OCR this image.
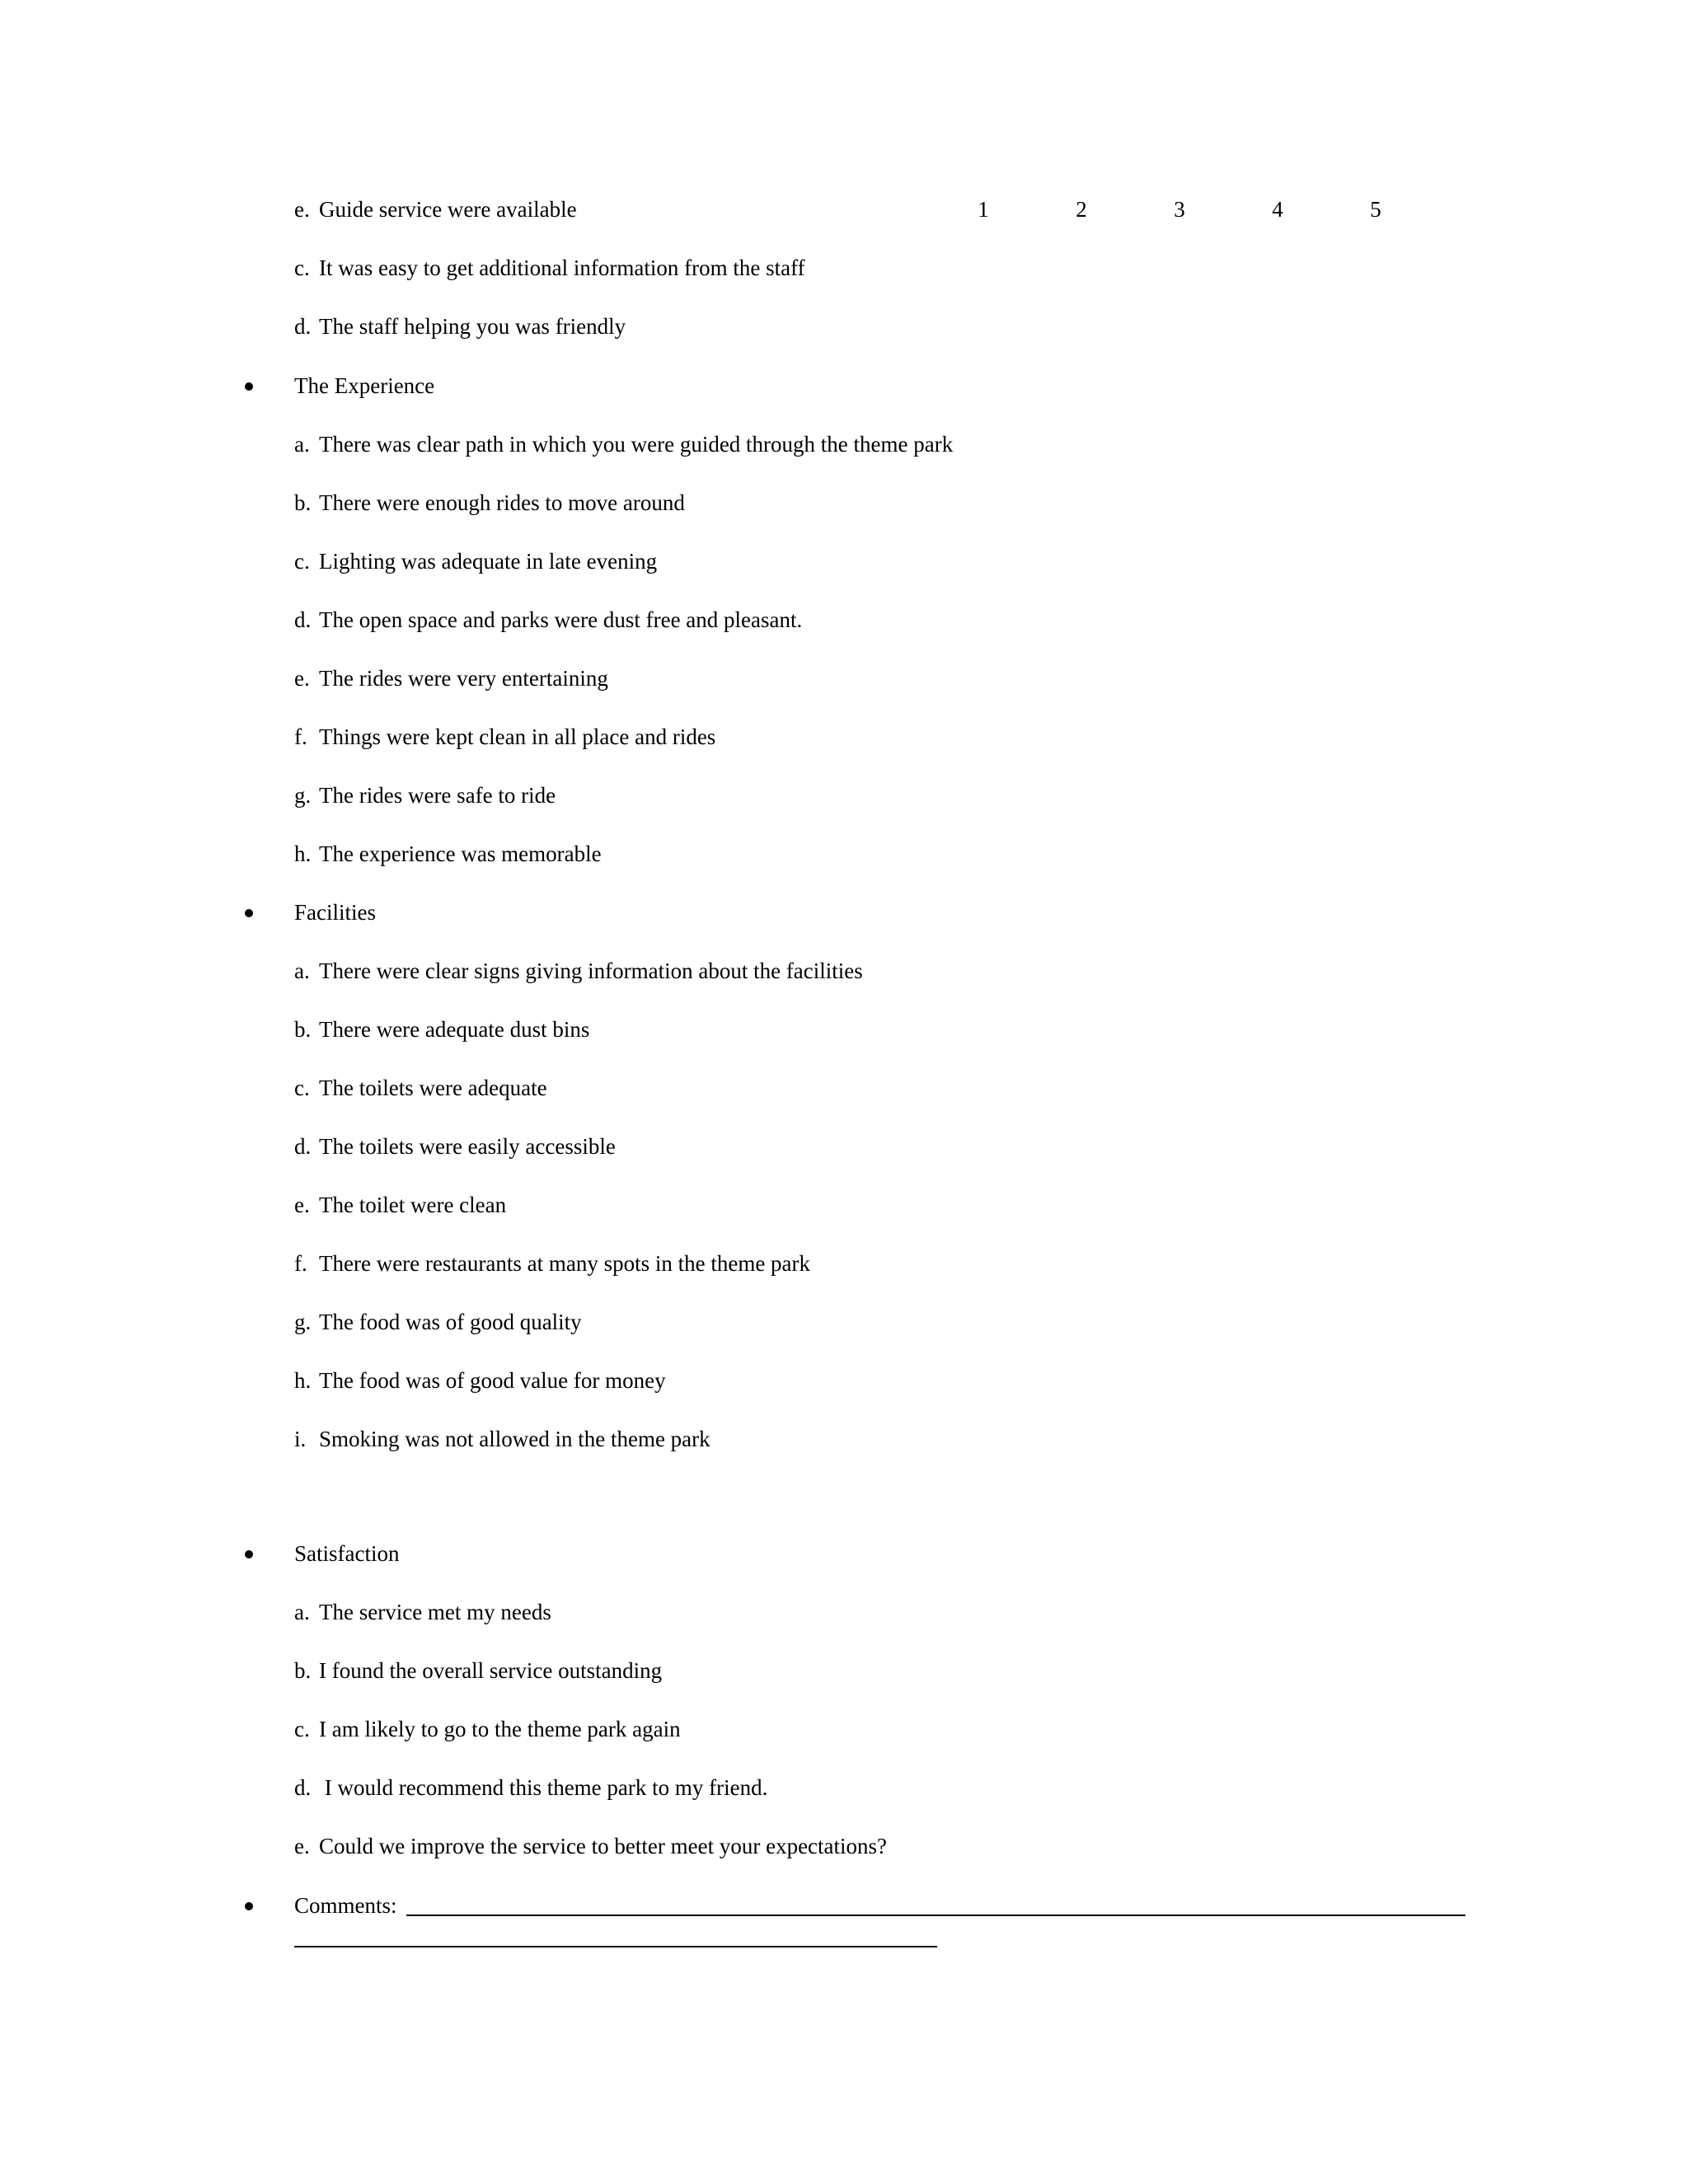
1	2	3	4	5
e. Guide service were available
c. It was easy to get additional information from the staff
d. The staff helping you was friendly
The Experience
a. There was clear path in which you were guided through the theme park
b. There were enough rides to move around
c. Lighting was adequate in late evening
d. The open space and parks were dust free and pleasant.
e. The rides were very entertaining
f. Things were kept clean in all place and rides
g. The rides were safe to ride
h. The experience was memorable
Facilities
a. There were clear signs giving information about the facilities
b. There were adequate dust bins
c. The toilets were adequate
d. The toilets were easily accessible
e. The toilet were clean
f. There were restaurants at many spots in the theme park
g. The food was of good quality
h. The food was of good value for money
i. Smoking was not allowed in the theme park
Satisfaction
a. The service met my needs
b. I found the overall service outstanding
c. I am likely to go to the theme park again
d. I would recommend this theme park to my friend.
e. Could we improve the service to better meet your expectations?
Comments:
